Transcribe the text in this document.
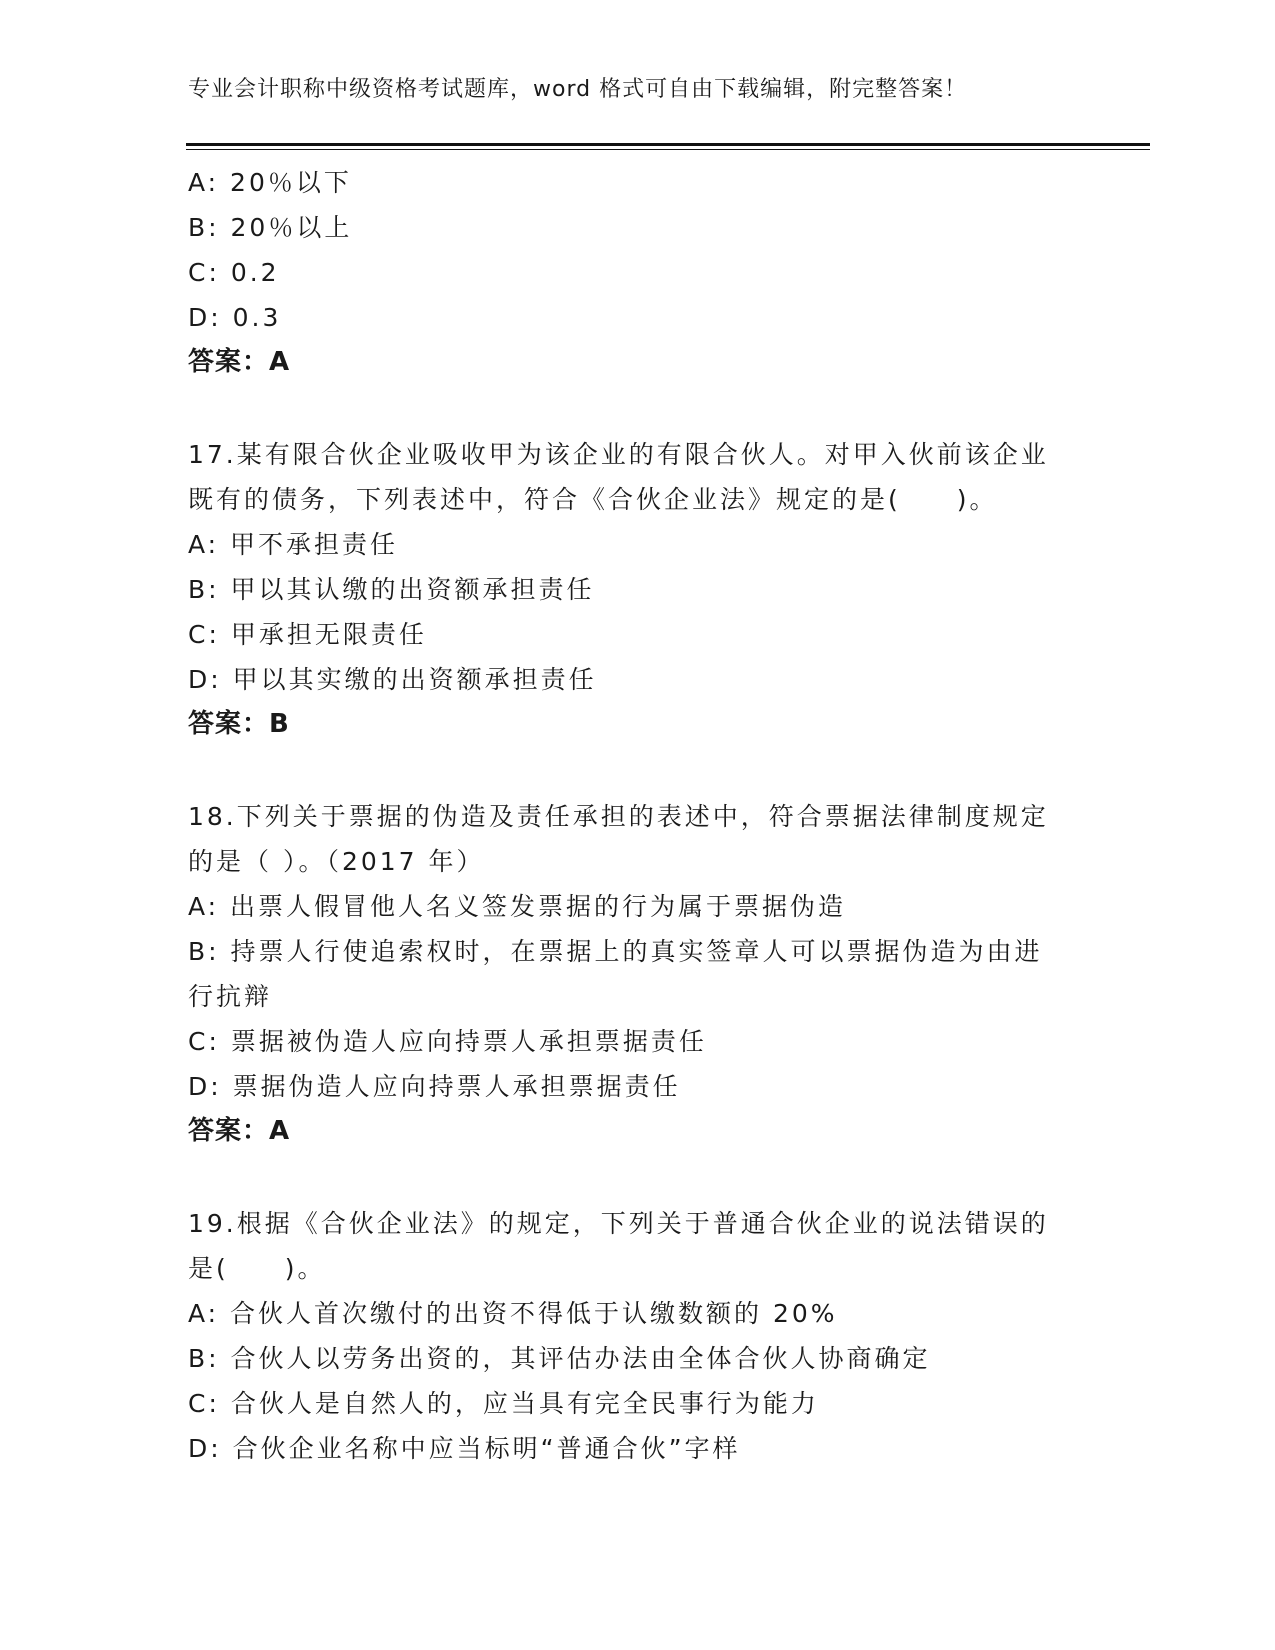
专业会计职称中级资格考试题库，word 格式可自由下载编辑，附完整答案！
A: 20％以下
B: 20％以上
C: 0.2
D: 0.3
答案：A
17.某有限合伙企业吸收甲为该企业的有限合伙人。对甲入伙前该企业
既有的债务，下列表述中，符合《合伙企业法》规定的是(　　)。
A: 甲不承担责任
B: 甲以其认缴的出资额承担责任
C: 甲承担无限责任
D: 甲以其实缴的出资额承担责任
答案：B
18.下列关于票据的伪造及责任承担的表述中，符合票据法律制度规定
的是（ ）。（2017 年）
A: 出票人假冒他人名义签发票据的行为属于票据伪造
B: 持票人行使追索权时，在票据上的真实签章人可以票据伪造为由进
行抗辩
C: 票据被伪造人应向持票人承担票据责任
D: 票据伪造人应向持票人承担票据责任
答案：A
19.根据《合伙企业法》的规定，下列关于普通合伙企业的说法错误的
是(　　)。
A: 合伙人首次缴付的出资不得低于认缴数额的 20%
B: 合伙人以劳务出资的，其评估办法由全体合伙人协商确定
C: 合伙人是自然人的，应当具有完全民事行为能力
D: 合伙企业名称中应当标明“普通合伙”字样
